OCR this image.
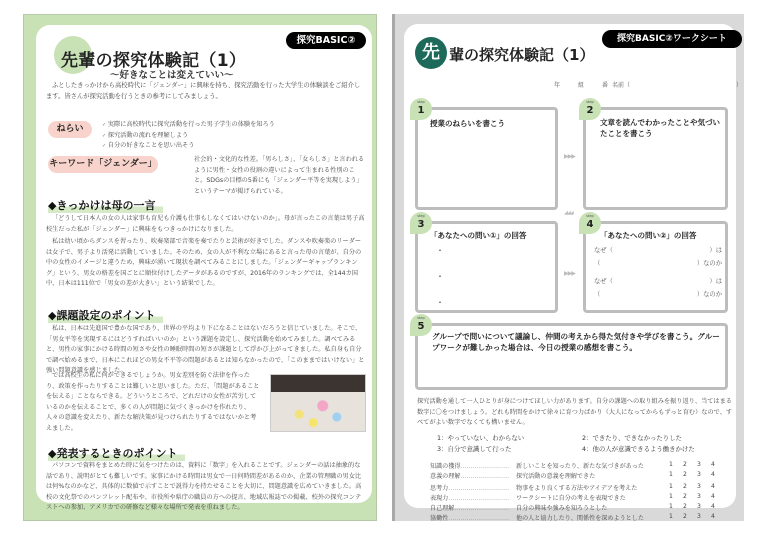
探究BASIC②
先輩の探究体験記（1）
～好きなことは変えていい～

ふとしたきっかけから高校時代に「ジェンダー」に興味を持ち、探究活動を行った大学生の体験談をご紹介します。皆さんが探究活動を行うときの参考にしてみましょう。

ねらい	✓ 実際に高校時代に探究活動を行った男子学生の体験を知ろう
✓ 探究活動の流れを理解しよう
✓ 自分の好きなことを思い出そう
キーワード「ジェンダー」	社会的・文化的な性差。「男らしさ」、「女らしさ」と言われるように男性・女性の役割の違いによって生まれる性別のこと。SDGsの目標の5番にも「ジェンダー平等を実現しよう」というテーマが掲げられている。

◆きっかけは母の一言

「どうして日本人の女の人は家事も育児も介護も仕事もしなくてはいけないのか」。母が言ったこの言葉は男子高校生だった私が「ジェンダー」に興味をもつきっかけになりました。

私は幼い頃からダンスを習ったり、吹奏楽部で音楽を奏でたりと芸術が好きでした。ダンスや吹奏楽のリーダーは女子で、男子より活発に活動していました。そのため、女の人が不利な立場にあると言った母の言葉が、自分の中の女性のイメージと違うため、興味が湧いて現状を調べてみることにしました。「ジェンダーギャップランキング」という、男女の格差を国ごとに順位付けしたデータがあるのですが、2016年のランキングでは、全144カ国中、日本は111位で「男女の差が大きい」という結果でした。

◆課題設定のポイント

私は、日本は先進国で豊かな国であり、世界の平均より下になることはないだろうと信じていました。そこで、「男女平等を実現するにはどうすればいいのか」という課題を設定し、探究活動を始めてみました。調べてみると、男性の家事にかける時間の短さや女性の睡眠時間の短さが課題として浮かび上がってきました。私自身も自分で調べ始めるまで、日本にこれほどの男女不平等の問題があるとは知らなかったので、「このままではいけない」と強い問題意識を感じました。

では高校生の私に何ができるでしょうか。男女差別を防ぐ法律を作ったり、政策を作ったりすることは難しいと思いました。ただ、「問題があることを伝える」ことならできる。どういうところで、どれだけの女性が苦労しているのかを伝えることで、多くの人が問題に気づくきっかけを作れたり、人々の意識を変えたり、新たな解決策が見つけられたりするではないかと考えました。

◆発表するときのポイント

パソコンで資料をまとめた時に気をつけたのは、資料に「数字」を入れることです。ジェンダーの話は抽象的な話であり、説明がとても難しいです。家事にかける時間は男女で一日何時間差があるのか、企業の管理職の男女比は何%なのかなど、具体的に数値で示すことで説得力を持たせることを大切に、問題意識を広めていきました。高校の文化祭でのパンフレット配布や、市役所や県庁の職員の方への提言、地域広報誌での掲載、校外の探究コンテストへの参加、アメリカでの研修など様々な場所で発表を重ねました。

探究BASIC②ワークシート
先 輩の探究体験記（1）
年	組	番 名前（	）
授業のねらいを書こう
step 1
▶▶▶
文章を読んでわかったことや気づいたことを書こう
step 2
◢◢◢
「あなたへの問い①」の回答
・
・
・
step 3
▶▶▶
「あなたへの問い②」の回答
なぜ（	）は
（	）なのか
なぜ（	）は
（	）なのか
step 4
グループで問いについて議論し、仲間の考えから得た気付きや学びを書こう。グループワークが難しかった場合は、今日の授業の感想を書こう。
step 5

探究活動を通して一人ひとりが身につけてほしい力があります。自分の課題への取り組みを振り返り、当てはまる数字に〇をつけましょう。どれも時間をかけて徐々に育つ力ばかり（大人になってからもずっと育む）なので、すべてがよい数字でなくても構いません。

1：やっていない、わからない	2：できたり、できなかったりした
3：自分で意識して行った	4：他の人が意識できるよう働きかけた
知識の獲得 ……………………………	新しいことを知ったり、新たな気づきがあった	1 2 3 4
意義の理解 ……………………………	探究活動の意義を理解できた	1 2 3 4
思考力 ……………………………	物事をより良くする方法やアイデアを考えた	1 2 3 4
表現力 ……………………………	ワークシートに自分の考えを表現できた	1 2 3 4
自己理解 ……………………………	自分の興味や強みを知ろうとした	1 2 3 4
協働性 ……………………………	他の人と協力したり、関係性を深めようとした	1 2 3 4
